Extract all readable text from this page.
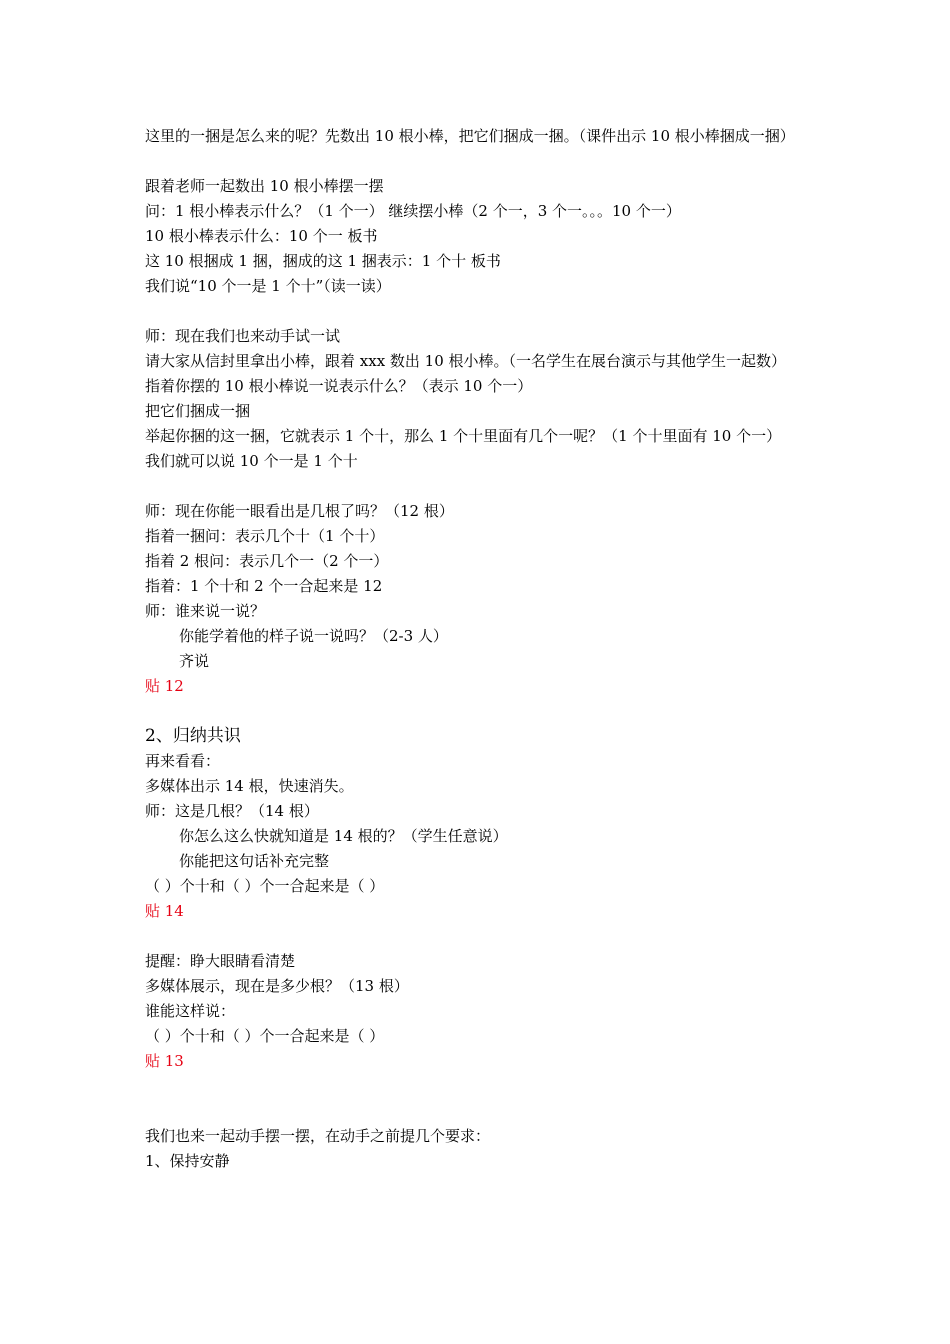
这里的一捆是怎么来的呢？先数出 10 根小棒，把它们捆成一捆。（课件出示 10 根小棒捆成一捆）
跟着老师一起数出 10 根小棒摆一摆
问：1 根小棒表示什么？（1 个一） 继续摆小棒（2 个一，3 个一。。。10 个一）
10 根小棒表示什么：10 个一 板书
这 10 根捆成 1 捆，捆成的这 1 捆表示：1 个十 板书
我们说“10 个一是 1 个十”（读一读）
师：现在我们也来动手试一试
请大家从信封里拿出小棒，跟着 xxx 数出 10 根小棒。（一名学生在展台演示与其他学生一起数）
指着你摆的 10 根小棒说一说表示什么？（表示 10 个一）
把它们捆成一捆
举起你捆的这一捆，它就表示 1 个十，那么 1 个十里面有几个一呢？（1 个十里面有 10 个一）
我们就可以说 10 个一是 1 个十
师：现在你能一眼看出是几根了吗？（12 根）
指着一捆问：表示几个十（1 个十）
指着 2 根问：表示几个一（2 个一）
指着：1 个十和 2 个一合起来是 12
师：谁来说一说？
你能学着他的样子说一说吗？（2-3 人）
齐说
贴 12
2、归纳共识
再来看看：
多媒体出示 14 根，快速消失。
师：这是几根？（14 根）
你怎么这么快就知道是 14 根的？（学生任意说）
你能把这句话补充完整
（ ）个十和（ ）个一合起来是（ ）
贴 14
提醒：睁大眼睛看清楚
多媒体展示，现在是多少根？（13 根）
谁能这样说：
（ ）个十和（ ）个一合起来是（ ）
贴 13
我们也来一起动手摆一摆，在动手之前提几个要求：
1、保持安静
